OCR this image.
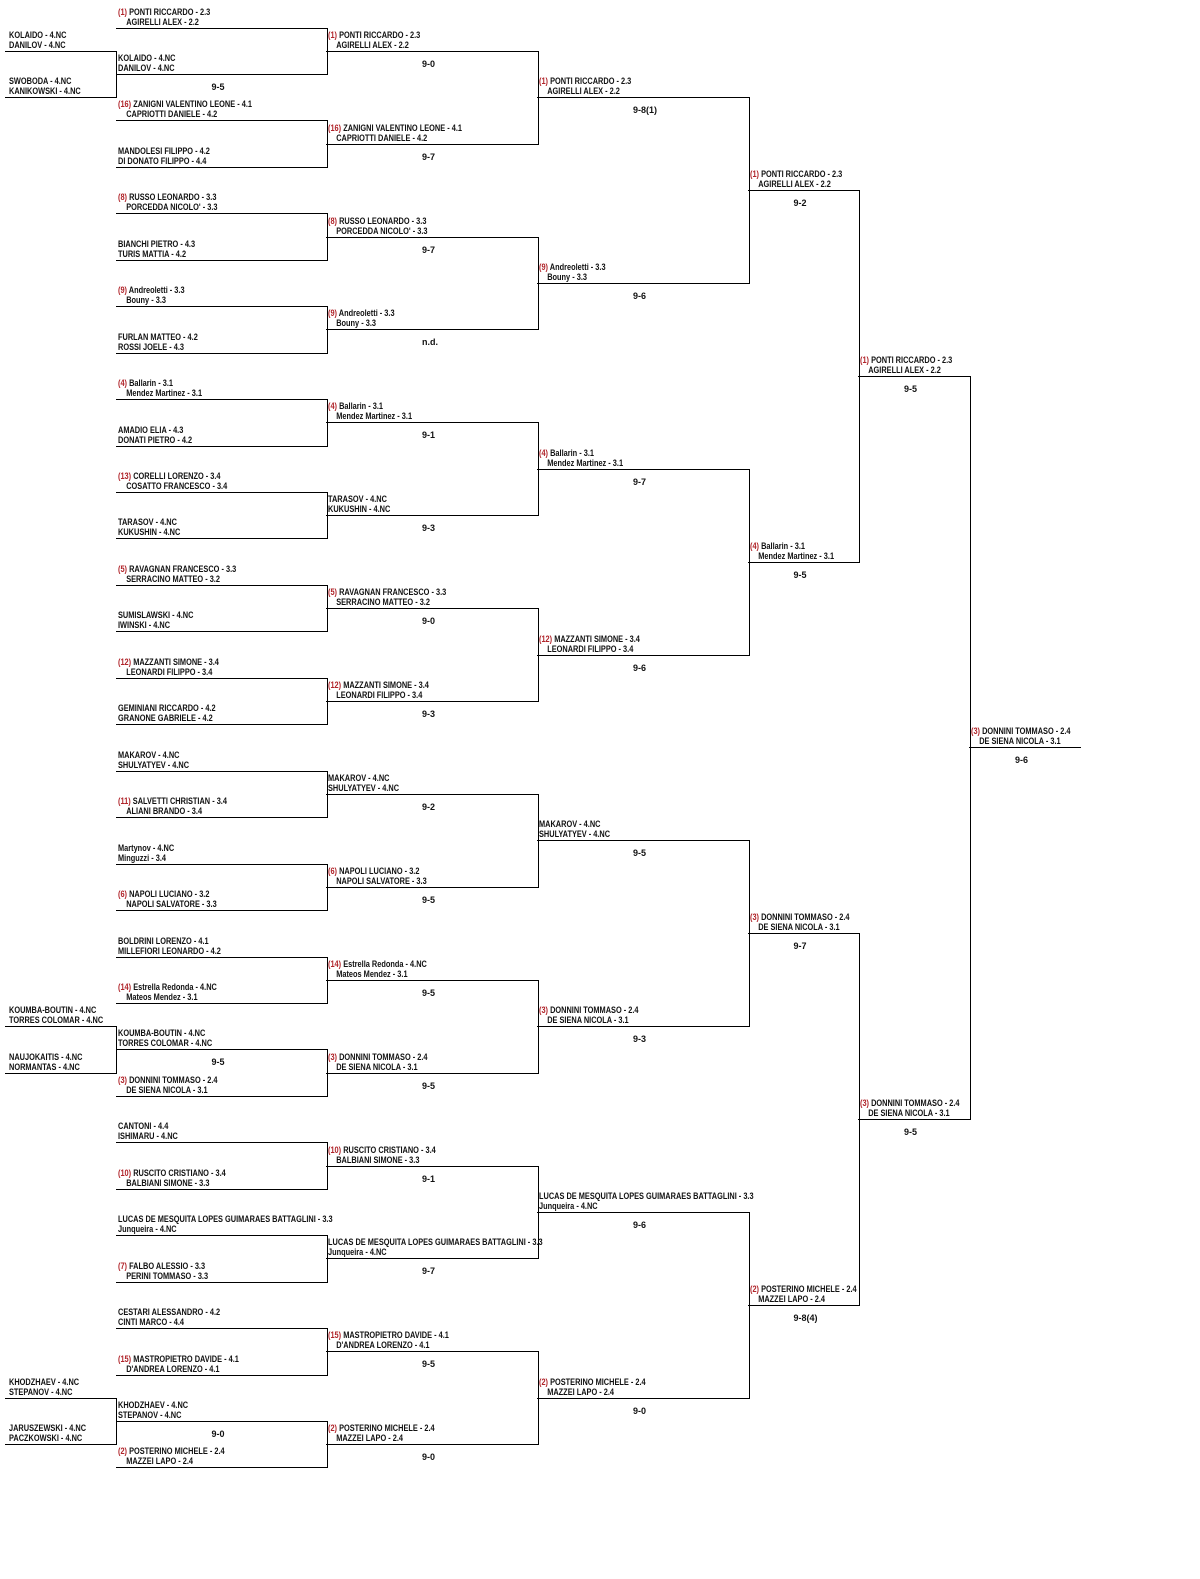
(1) PONTI RICCARDO - 2.3
AGIRELLI ALEX - 2.2
KOLAIDO - 4.NC
DANILOV - 4.NC
(16) ZANIGNI VALENTINO LEONE - 4.1
CAPRIOTTI DANIELE - 4.2
MANDOLESI FILIPPO - 4.2
DI DONATO FILIPPO - 4.4
(8) RUSSO LEONARDO - 3.3
PORCEDDA NICOLO' - 3.3
BIANCHI PIETRO - 4.3
TURIS MATTIA - 4.2
(9) Andreoletti - 3.3
Bouny - 3.3
FURLAN MATTEO - 4.2
ROSSI JOELE - 4.3
(4) Ballarin - 3.1
Mendez Martinez - 3.1
AMADIO ELIA - 4.3
DONATI PIETRO - 4.2
(13) CORELLI LORENZO - 3.4
COSATTO FRANCESCO - 3.4
TARASOV - 4.NC
KUKUSHIN - 4.NC
(5) RAVAGNAN FRANCESCO - 3.3
SERRACINO MATTEO - 3.2
SUMISLAWSKI - 4.NC
IWINSKI - 4.NC
(12) MAZZANTI SIMONE - 3.4
LEONARDI FILIPPO - 3.4
GEMINIANI RICCARDO - 4.2
GRANONE GABRIELE - 4.2
MAKAROV - 4.NC
SHULYATYEV - 4.NC
(11) SALVETTI CHRISTIAN - 3.4
ALIANI BRANDO - 3.4
Martynov - 4.NC
Minguzzi - 3.4
(6) NAPOLI LUCIANO - 3.2
NAPOLI SALVATORE - 3.3
BOLDRINI LORENZO - 4.1
MILLEFIORI LEONARDO - 4.2
(14) Estrella Redonda - 4.NC
Mateos Mendez - 3.1
KOUMBA-BOUTIN - 4.NC
TORRES COLOMAR - 4.NC
(3) DONNINI TOMMASO - 2.4
DE SIENA NICOLA - 3.1
CANTONI - 4.4
ISHIMARU - 4.NC
(10) RUSCITO CRISTIANO - 3.4
BALBIANI SIMONE - 3.3
LUCAS DE MESQUITA LOPES GUIMARAES BATTAGLINI - 3.3
Junqueira - 4.NC
(7) FALBO ALESSIO - 3.3
PERINI TOMMASO - 3.3
CESTARI ALESSANDRO - 4.2
CINTI MARCO - 4.4
(15) MASTROPIETRO DAVIDE - 4.1
D'ANDREA LORENZO - 4.1
KHODZHAEV - 4.NC
STEPANOV - 4.NC
(2) POSTERINO MICHELE - 2.4
MAZZEI LAPO - 2.4
(1) PONTI RICCARDO - 2.3
AGIRELLI ALEX - 2.2
9-0
(16) ZANIGNI VALENTINO LEONE - 4.1
CAPRIOTTI DANIELE - 4.2
9-7
(8) RUSSO LEONARDO - 3.3
PORCEDDA NICOLO' - 3.3
9-7
(9) Andreoletti - 3.3
Bouny - 3.3
n.d.
(4) Ballarin - 3.1
Mendez Martinez - 3.1
9-1
TARASOV - 4.NC
KUKUSHIN - 4.NC
9-3
(5) RAVAGNAN FRANCESCO - 3.3
SERRACINO MATTEO - 3.2
9-0
(12) MAZZANTI SIMONE - 3.4
LEONARDI FILIPPO - 3.4
9-3
MAKAROV - 4.NC
SHULYATYEV - 4.NC
9-2
(6) NAPOLI LUCIANO - 3.2
NAPOLI SALVATORE - 3.3
9-5
(14) Estrella Redonda - 4.NC
Mateos Mendez - 3.1
9-5
(3) DONNINI TOMMASO - 2.4
DE SIENA NICOLA - 3.1
9-5
(10) RUSCITO CRISTIANO - 3.4
BALBIANI SIMONE - 3.3
9-1
LUCAS DE MESQUITA LOPES GUIMARAES BATTAGLINI - 3.3
Junqueira - 4.NC
9-7
(15) MASTROPIETRO DAVIDE - 4.1
D'ANDREA LORENZO - 4.1
9-5
(2) POSTERINO MICHELE - 2.4
MAZZEI LAPO - 2.4
9-0
(1) PONTI RICCARDO - 2.3
AGIRELLI ALEX - 2.2
9-8(1)
(9) Andreoletti - 3.3
Bouny - 3.3
9-6
(4) Ballarin - 3.1
Mendez Martinez - 3.1
9-7
(12) MAZZANTI SIMONE - 3.4
LEONARDI FILIPPO - 3.4
9-6
MAKAROV - 4.NC
SHULYATYEV - 4.NC
9-5
(3) DONNINI TOMMASO - 2.4
DE SIENA NICOLA - 3.1
9-3
LUCAS DE MESQUITA LOPES GUIMARAES BATTAGLINI - 3.3
Junqueira - 4.NC
9-6
(2) POSTERINO MICHELE - 2.4
MAZZEI LAPO - 2.4
9-0
(1) PONTI RICCARDO - 2.3
AGIRELLI ALEX - 2.2
9-2
(4) Ballarin - 3.1
Mendez Martinez - 3.1
9-5
(3) DONNINI TOMMASO - 2.4
DE SIENA NICOLA - 3.1
9-7
(2) POSTERINO MICHELE - 2.4
MAZZEI LAPO - 2.4
9-8(4)
(1) PONTI RICCARDO - 2.3
AGIRELLI ALEX - 2.2
9-5
(3) DONNINI TOMMASO - 2.4
DE SIENA NICOLA - 3.1
9-5
(3) DONNINI TOMMASO - 2.4
DE SIENA NICOLA - 3.1
9-6
KOLAIDO - 4.NC
DANILOV - 4.NC
SWOBODA - 4.NC
KANIKOWSKI - 4.NC	9-5
KOUMBA-BOUTIN - 4.NC
TORRES COLOMAR - 4.NC
NAUJOKAITIS - 4.NC
NORMANTAS - 4.NC	9-5
KHODZHAEV - 4.NC
STEPANOV - 4.NC
JARUSZEWSKI - 4.NC
PACZKOWSKI - 4.NC	9-0
